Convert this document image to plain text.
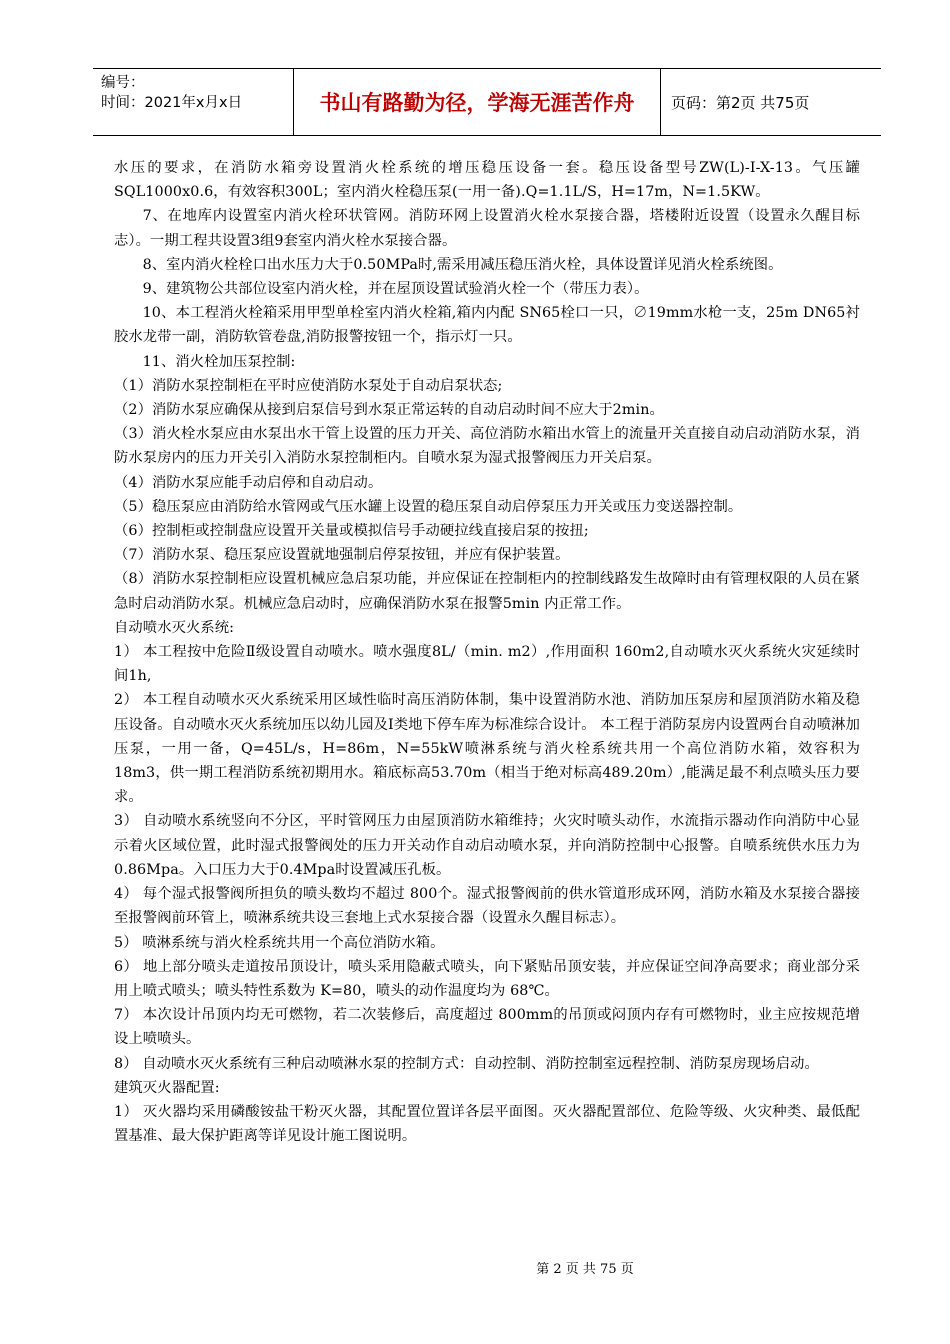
编号：
时间：2021年x月x日	书山有路勤为径，学海无涯苦作舟	页码：第2页 共75页

水压的要求，在消防水箱旁设置消火栓系统的增压稳压设备一套。稳压设备型号ZW(L)-I-X-13。气压罐SQL1000x0.6，有效容积300L；室内消火栓稳压泵(一用一备).Q=1.1L/S，H=17m，N=1.5KW。

7、在地库内设置室内消火栓环状管网。消防环网上设置消火栓水泵接合器，塔楼附近设置（设置永久醒目标志）。一期工程共设置3组9套室内消火栓水泵接合器。

8、室内消火栓栓口出水压力大于0.50MPa时,需采用减压稳压消火栓，具体设置详见消火栓系统图。

9、建筑物公共部位设室内消火栓，并在屋顶设置试验消火栓一个（带压力表）。

10、本工程消火栓箱采用甲型单栓室内消火栓箱,箱内内配 SN65栓口一只，∅19mm水枪一支，25m DN65衬胶水龙带一副，消防软管卷盘,消防报警按钮一个，指示灯一只。

11、消火栓加压泵控制:

（1）消防水泵控制柜在平时应使消防水泵处于自动启泵状态;

（2）消防水泵应确保从接到启泵信号到水泵正常运转的自动启动时间不应大于2min。

（3）消火栓水泵应由水泵出水干管上设置的压力开关、高位消防水箱出水管上的流量开关直接自动启动消防水泵，消防水泵房内的压力开关引入消防水泵控制柜内。自喷水泵为湿式报警阀压力开关启泵。

（4）消防水泵应能手动启停和自动启动。

（5）稳压泵应由消防给水管网或气压水罐上设置的稳压泵自动启停泵压力开关或压力变送器控制。

（6）控制柜或控制盘应设置开关量或模拟信号手动硬拉线直接启泵的按扭;

（7）消防水泵、稳压泵应设置就地强制启停泵按钮，并应有保护装置。

（8）消防水泵控制柜应设置机械应急启泵功能，并应保证在控制柜内的控制线路发生故障时由有管理权限的人员在紧急时启动消防水泵。机械应急启动时，应确保消防水泵在报警5min 内正常工作。

自动喷水灭火系统:

1） 本工程按中危险Ⅱ级设置自动喷水。喷水强度8L/（min. m2）,作用面积 160m2,自动喷水灭火系统火灾延续时间1h,

2） 本工程自动喷水灭火系统采用区域性临时高压消防体制，集中设置消防水池、消防加压泵房和屋顶消防水箱及稳压设备。自动喷水灭火系统加压以幼儿园及Ⅰ类地下停车库为标准综合设计。 本工程于消防泵房内设置两台自动喷淋加压泵，一用一备，Q=45L/s，H=86m，N=55kW喷淋系统与消火栓系统共用一个高位消防水箱，效容积为 18m3，供一期工程消防系统初期用水。箱底标高53.70m（相当于绝对标高489.20m）,能满足最不利点喷头压力要求。

3） 自动喷水系统竖向不分区，平时管网压力由屋顶消防水箱维持；火灾时喷头动作，水流指示器动作向消防中心显示着火区域位置，此时湿式报警阀处的压力开关动作自动启动喷水泵，并向消防控制中心报警。自喷系统供水压力为0.86Mpa。入口压力大于0.4Mpa时设置减压孔板。

4） 每个湿式报警阀所担负的喷头数均不超过 800个。湿式报警阀前的供水管道形成环网，消防水箱及水泵接合器接至报警阀前环管上，喷淋系统共设三套地上式水泵接合器（设置永久醒目标志）。

5） 喷淋系统与消火栓系统共用一个高位消防水箱。

6） 地上部分喷头走道按吊顶设计，喷头采用隐蔽式喷头，向下紧贴吊顶安装，并应保证空间净高要求；商业部分采用上喷式喷头；喷头特性系数为 K=80，喷头的动作温度均为 68℃。

7） 本次设计吊顶内均无可燃物，若二次装修后，高度超过 800mm的吊顶或闷顶内存有可燃物时，业主应按规范增设上喷喷头。

8） 自动喷水灭火系统有三种启动喷淋水泵的控制方式：自动控制、消防控制室远程控制、消防泵房现场启动。

建筑灭火器配置:

1） 灭火器均采用磷酸铵盐干粉灭火器，其配置位置详各层平面图。灭火器配置部位、危险等级、火灾种类、最低配置基准、最大保护距离等详见设计施工图说明。

第 2 页 共 75 页
